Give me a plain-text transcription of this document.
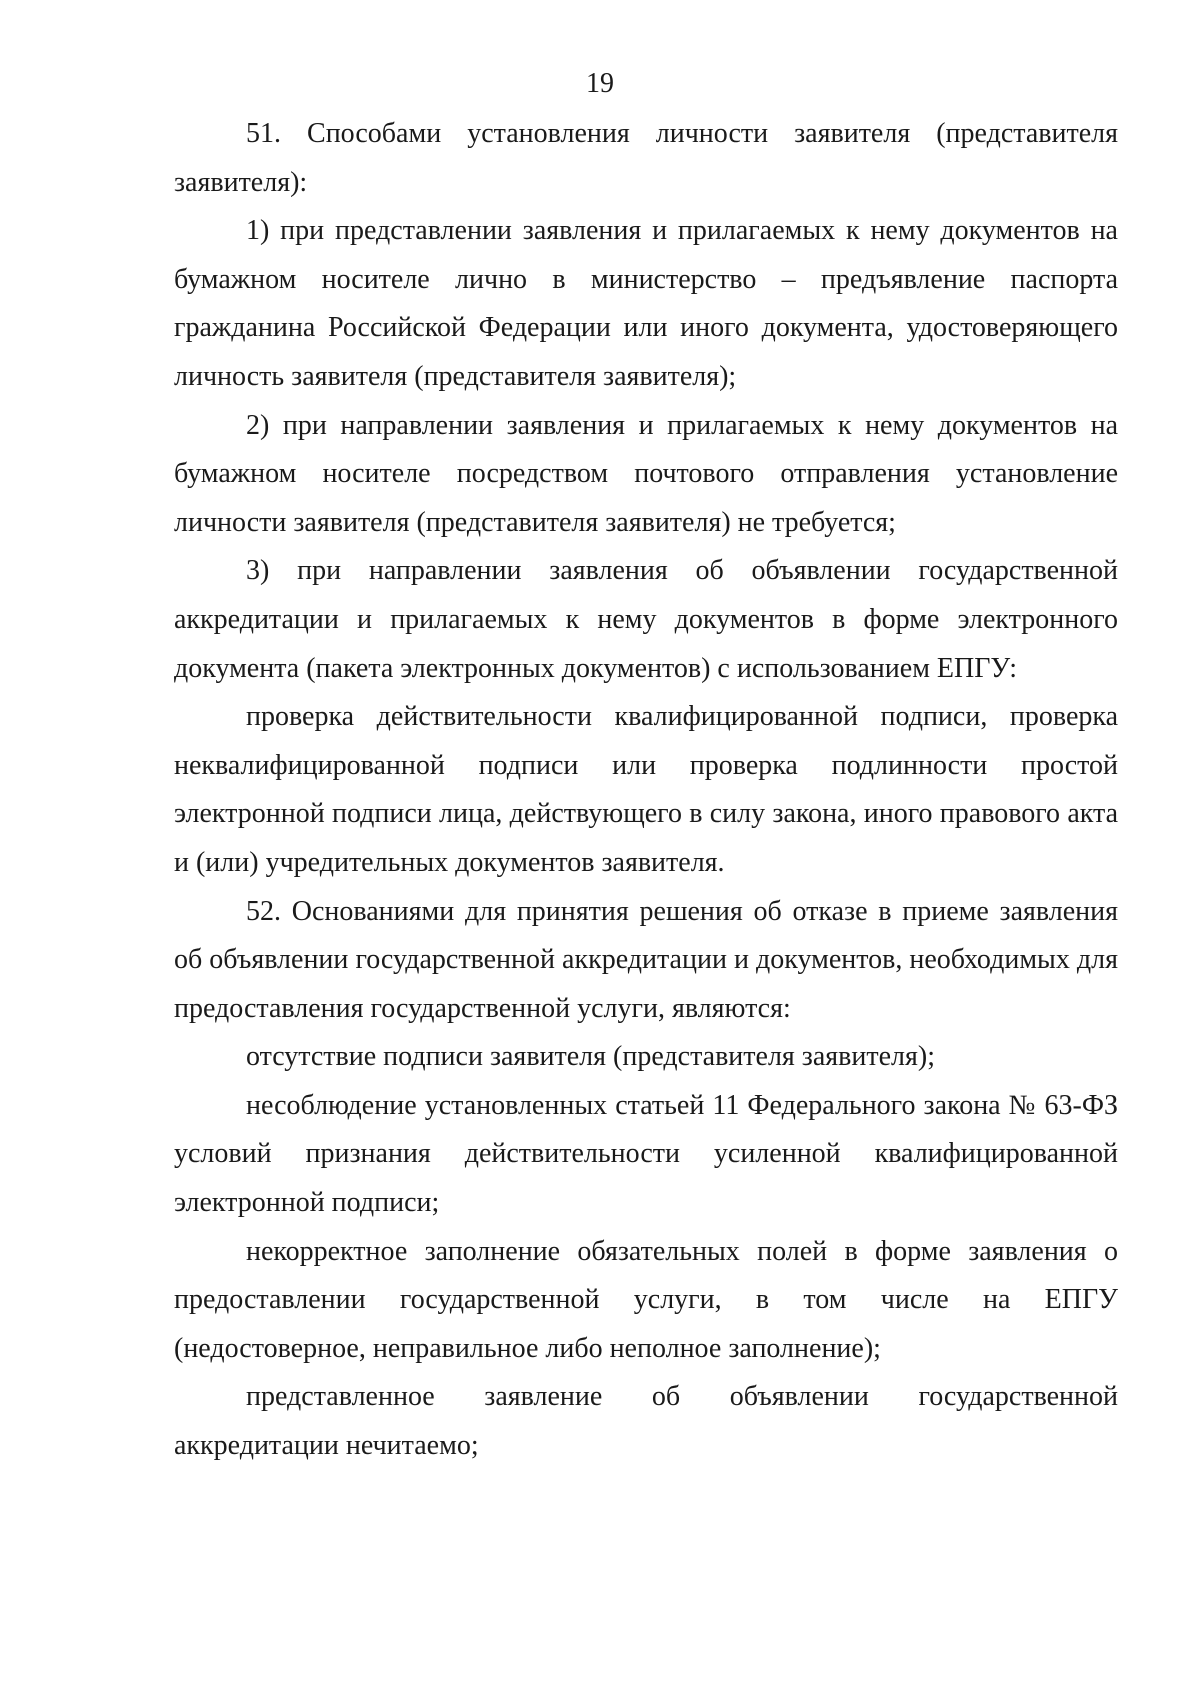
19

51. Способами установления личности заявителя (представителя заявителя):

1) при представлении заявления и прилагаемых к нему документов на бумажном носителе лично в министерство – предъявление паспорта гражданина Российской Федерации или иного документа, удостоверяющего личность заявителя (представителя заявителя);

2) при направлении заявления и прилагаемых к нему документов на бумажном носителе посредством почтового отправления установление личности заявителя (представителя заявителя) не требуется;

3) при направлении заявления об объявлении государственной аккредитации и прилагаемых к нему документов в форме электронного документа (пакета электронных документов) с использованием ЕПГУ:

проверка действительности квалифицированной подписи, проверка неквалифицированной подписи или проверка подлинности простой электронной подписи лица, действующего в силу закона, иного правового акта и (или) учредительных документов заявителя.

52. Основаниями для принятия решения об отказе в приеме заявления об объявлении государственной аккредитации и документов, необходимых для предоставления государственной услуги, являются:

отсутствие подписи заявителя (представителя заявителя);

несоблюдение установленных статьей 11 Федерального закона № 63-ФЗ условий признания действительности усиленной квалифицированной электронной подписи;

некорректное заполнение обязательных полей в форме заявления о предоставлении государственной услуги, в том числе на ЕПГУ (недостоверное, неправильное либо неполное заполнение);

представленное заявление об объявлении государственной аккредитации нечитаемо;
